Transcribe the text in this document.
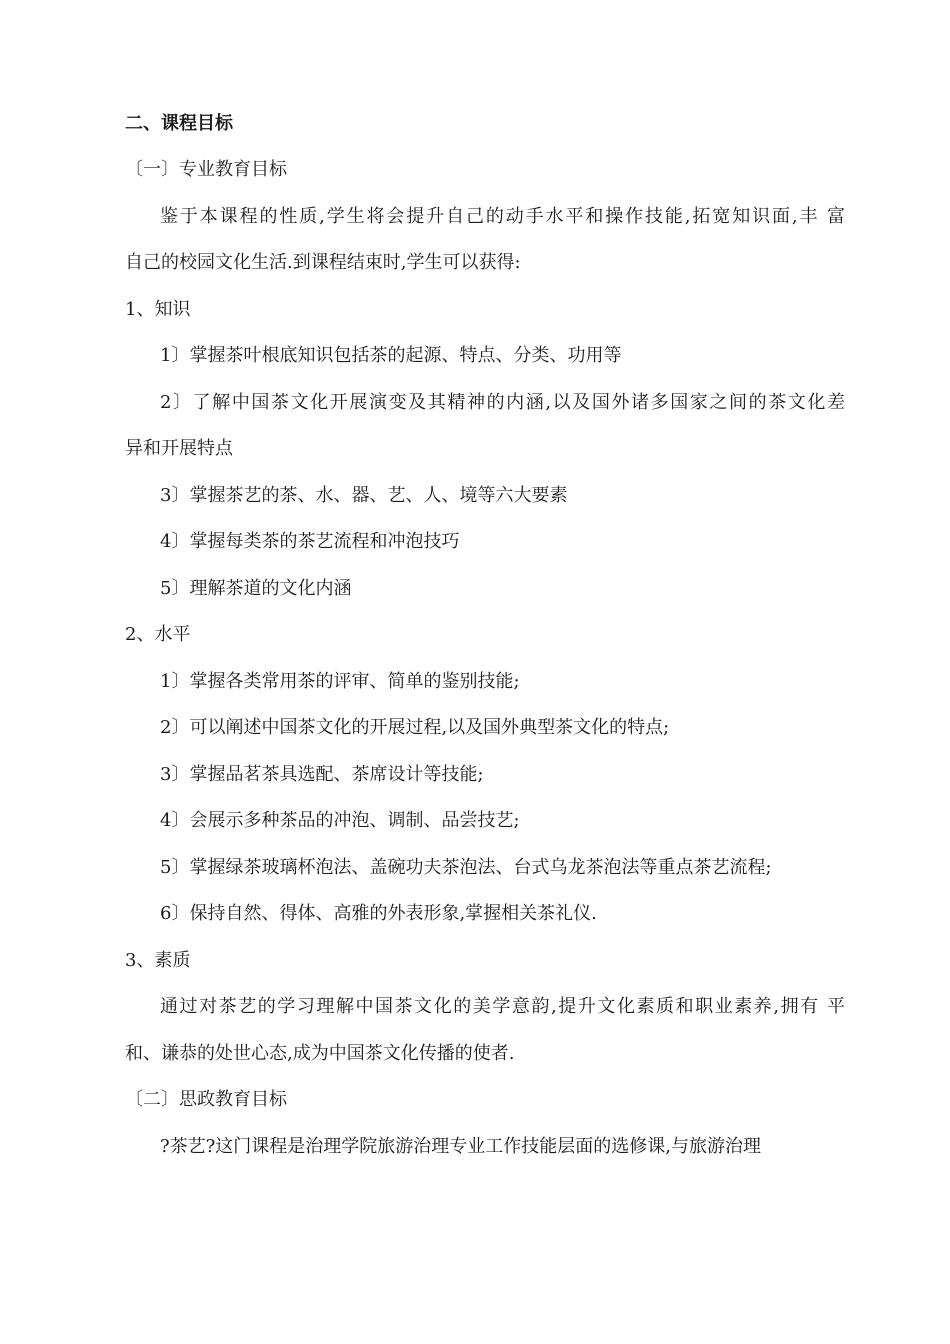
二、课程目标
〔一〕专业教育目标
鉴于本课程的性质,学生将会提升自己的动手水平和操作技能,拓宽知识面,丰 富
自己的校园文化生活.到课程结束时,学生可以获得:
1、知识
1〕掌握茶叶根底知识包括茶的起源、特点、分类、功用等
2〕了解中国茶文化开展演变及其精神的内涵,以及国外诸多国家之间的茶文化差
异和开展特点
3〕掌握茶艺的茶、水、器、艺、人、境等六大要素
4〕掌握每类茶的茶艺流程和冲泡技巧
5〕理解茶道的文化内涵
2、水平
1〕掌握各类常用茶的评审、简单的鉴别技能;
2〕可以阐述中国茶文化的开展过程,以及国外典型茶文化的特点;
3〕掌握品茗茶具选配、茶席设计等技能;
4〕会展示多种茶品的冲泡、调制、品尝技艺;
5〕掌握绿茶玻璃杯泡法、盖碗功夫茶泡法、台式乌龙茶泡法等重点茶艺流程;
6〕保持自然、得体、高雅的外表形象,掌握相关茶礼仪.
3、素质
通过对茶艺的学习理解中国茶文化的美学意韵,提升文化素质和职业素养,拥有 平
和、谦恭的处世心态,成为中国茶文化传播的使者.
〔二〕思政教育目标
?茶艺?这门课程是治理学院旅游治理专业工作技能层面的选修课,与旅游治理
